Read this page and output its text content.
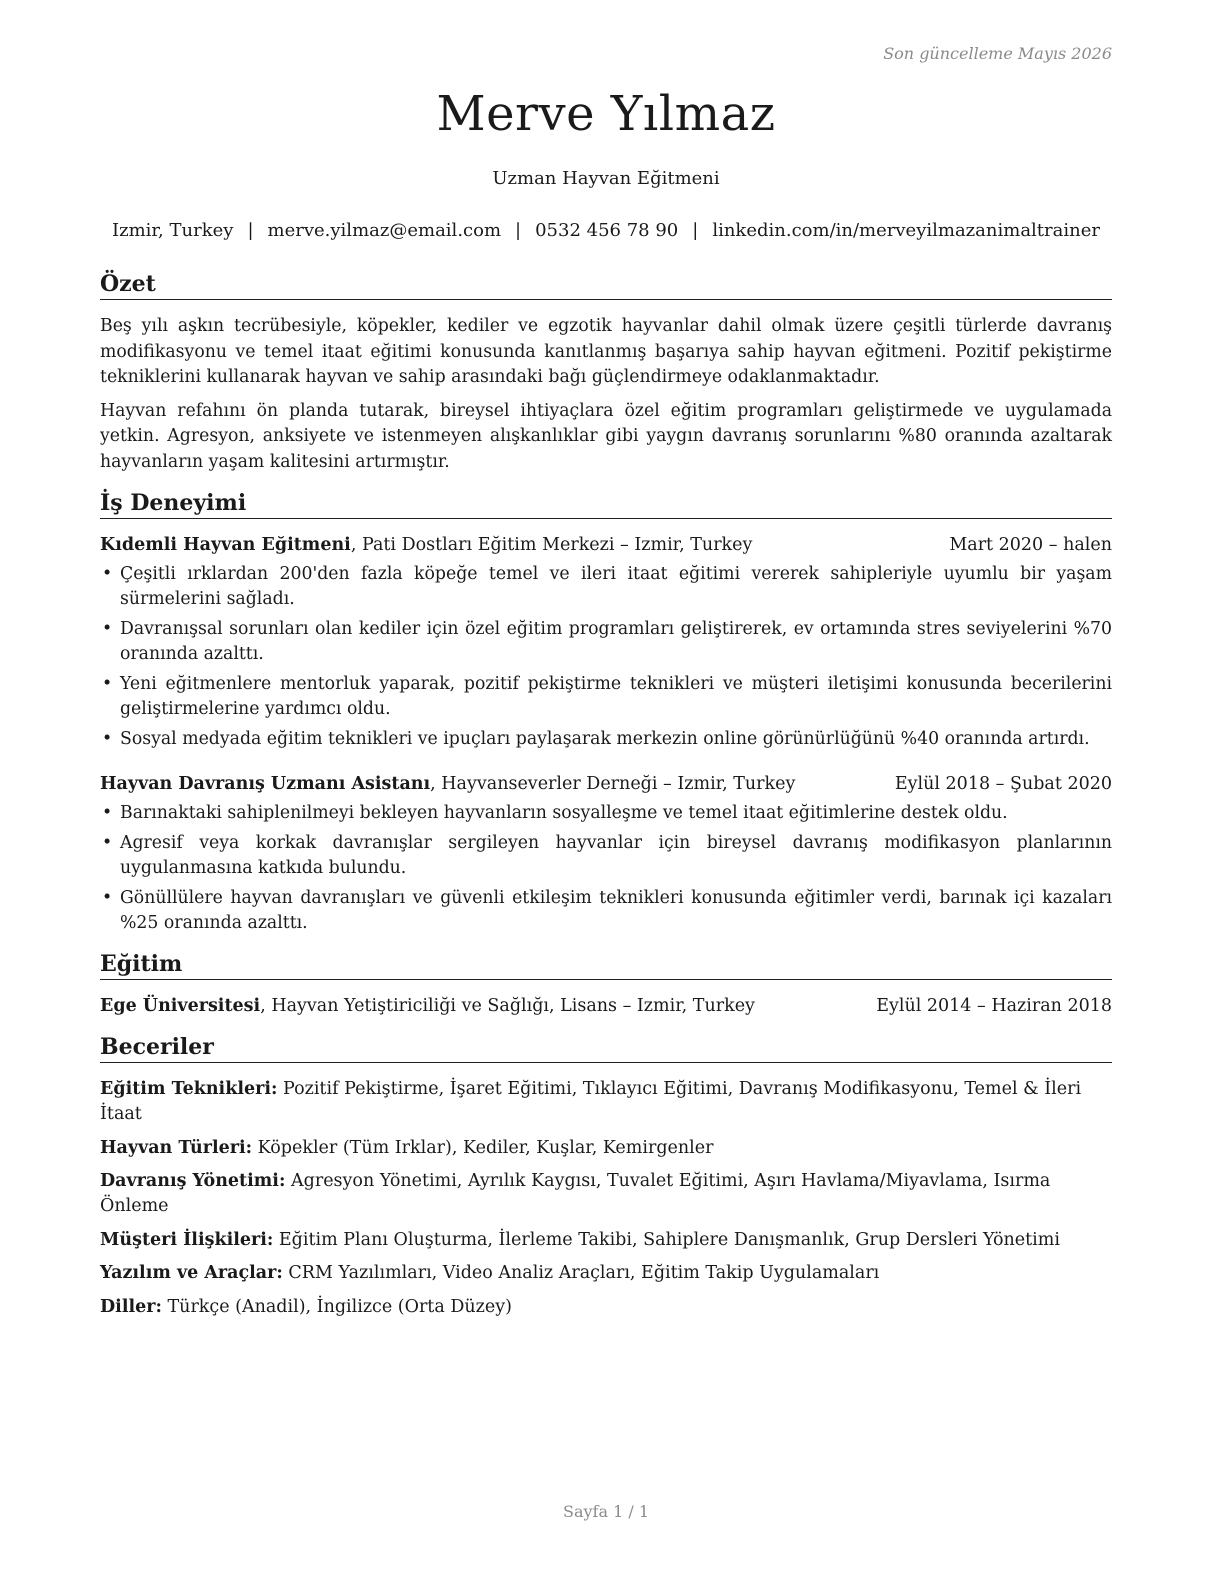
Son güncelleme Mayıs 2026
Merve Yılmaz
Uzman Hayvan Eğitmeni
Izmir, Turkey | merve.yilmaz@email.com | 0532 456 78 90 | linkedin.com/in/merveyilmazanimaltrainer
Özet

Beş yılı aşkın tecrübesiyle, köpekler, kediler ve egzotik hayvanlar dahil olmak üzere çeşitli türlerde davranış modifikasyonu ve temel itaat eğitimi konusunda kanıtlanmış başarıya sahip hayvan eğitmeni. Pozitif pekiştirme tekniklerini kullanarak hayvan ve sahip arasındaki bağı güçlendirmeye odaklanmaktadır.

Hayvan refahını ön planda tutarak, bireysel ihtiyaçlara özel eğitim programları geliştirmede ve uygulamada yetkin. Agresyon, anksiyete ve istenmeyen alışkanlıklar gibi yaygın davranış sorunlarını %80 oranında azaltarak hayvanların yaşam kalitesini artırmıştır.

İş Deneyimi
Kıdemli Hayvan Eğitmeni, Pati Dostları Eğitim Merkezi – Izmir, Turkey	Mart 2020 – halen
• Çeşitli ırklardan 200'den fazla köpeğe temel ve ileri itaat eğitimi vererek sahipleriyle uyumlu bir yaşam sürmelerini sağladı.
• Davranışsal sorunları olan kediler için özel eğitim programları geliştirerek, ev ortamında stres seviyelerini %70 oranında azalttı.
• Yeni eğitmenlere mentorluk yaparak, pozitif pekiştirme teknikleri ve müşteri iletişimi konusunda becerilerini geliştirmelerine yardımcı oldu.
• Sosyal medyada eğitim teknikleri ve ipuçları paylaşarak merkezin online görünürlüğünü %40 oranında artırdı.
Hayvan Davranış Uzmanı Asistanı, Hayvanseverler Derneği – Izmir, Turkey	Eylül 2018 – Şubat 2020
• Barınaktaki sahiplenilmeyi bekleyen hayvanların sosyalleşme ve temel itaat eğitimlerine destek oldu.
• Agresif veya korkak davranışlar sergileyen hayvanlar için bireysel davranış modifikasyon planlarının uygulanmasına katkıda bulundu.
• Gönüllülere hayvan davranışları ve güvenli etkileşim teknikleri konusunda eğitimler verdi, barınak içi kazaları %25 oranında azalttı.
Eğitim
Ege Üniversitesi, Hayvan Yetiştiriciliği ve Sağlığı, Lisans – Izmir, Turkey	Eylül 2014 – Haziran 2018
Beceriler
Eğitim Teknikleri: Pozitif Pekiştirme, İşaret Eğitimi, Tıklayıcı Eğitimi, Davranış Modifikasyonu, Temel & İleri İtaat
Hayvan Türleri: Köpekler (Tüm Irklar), Kediler, Kuşlar, Kemirgenler
Davranış Yönetimi: Agresyon Yönetimi, Ayrılık Kaygısı, Tuvalet Eğitimi, Aşırı Havlama/Miyavlama, Isırma Önleme
Müşteri İlişkileri: Eğitim Planı Oluşturma, İlerleme Takibi, Sahiplere Danışmanlık, Grup Dersleri Yönetimi
Yazılım ve Araçlar: CRM Yazılımları, Video Analiz Araçları, Eğitim Takip Uygulamaları
Diller: Türkçe (Anadil), İngilizce (Orta Düzey)
Sayfa 1 / 1
